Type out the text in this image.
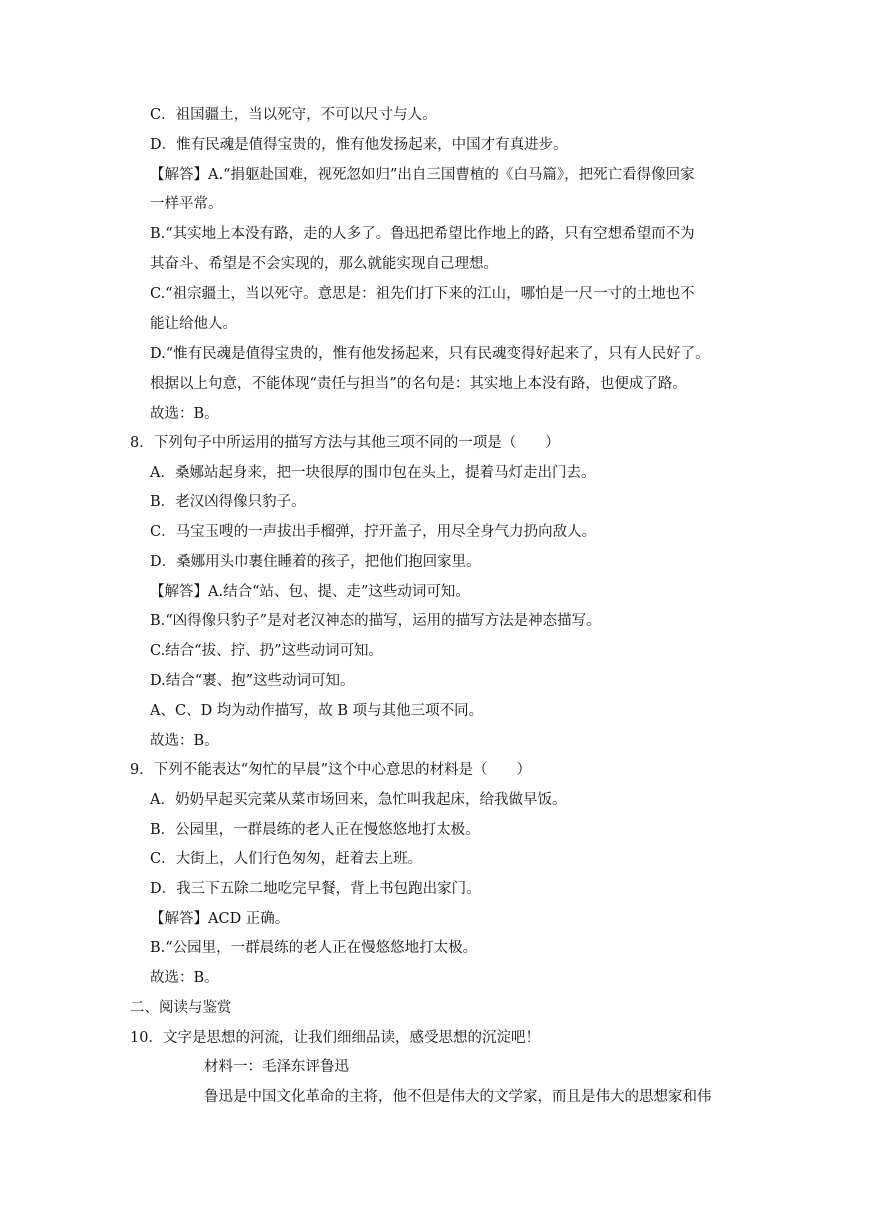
C．祖国疆土，当以死守，不可以尺寸与人。
D．惟有民魂是值得宝贵的，惟有他发扬起来，中国才有真进步。
【解答】A.“捐躯赴国难，视死忽如归”出自三国曹植的《白马篇》，把死亡看得像回家
一样平常。
B.“其实地上本没有路，走的人多了。鲁迅把希望比作地上的路，只有空想希望而不为
其奋斗、希望是不会实现的，那么就能实现自己理想。
C.“祖宗疆土，当以死守。意思是：祖先们打下来的江山，哪怕是一尺一寸的土地也不
能让给他人。
D.“惟有民魂是值得宝贵的，惟有他发扬起来，只有民魂变得好起来了，只有人民好了。
根据以上句意，不能体现“责任与担当”的名句是：其实地上本没有路，也便成了路。
故选：B。
8．下列句子中所运用的描写方法与其他三项不同的一项是（　　）
A．桑娜站起身来，把一块很厚的围巾包在头上，提着马灯走出门去。
B．老汉凶得像只豹子。
C．马宝玉嗖的一声拔出手榴弹，拧开盖子，用尽全身气力扔向敌人。
D．桑娜用头巾裹住睡着的孩子，把他们抱回家里。
【解答】A.结合“站、包、提、走”这些动词可知。
B.“凶得像只豹子”是对老汉神态的描写，运用的描写方法是神态描写。
C.结合“拔、拧、扔”这些动词可知。
D.结合“裹、抱”这些动词可知。
A、C、D 均为动作描写，故 B 项与其他三项不同。
故选：B。
9．下列不能表达“匆忙的早晨”这个中心意思的材料是（　　）
A．奶奶早起买完菜从菜市场回来，急忙叫我起床，给我做早饭。
B．公园里，一群晨练的老人正在慢悠悠地打太极。
C．大街上，人们行色匆匆，赶着去上班。
D．我三下五除二地吃完早餐，背上书包跑出家门。
【解答】ACD 正确。
B.“公园里，一群晨练的老人正在慢悠悠地打太极。
故选：B。
二、阅读与鉴赏
10．文字是思想的河流，让我们细细品读，感受思想的沉淀吧！
材料一：毛泽东评鲁迅
鲁迅是中国文化革命的主将，他不但是伟大的文学家，而且是伟大的思想家和伟
